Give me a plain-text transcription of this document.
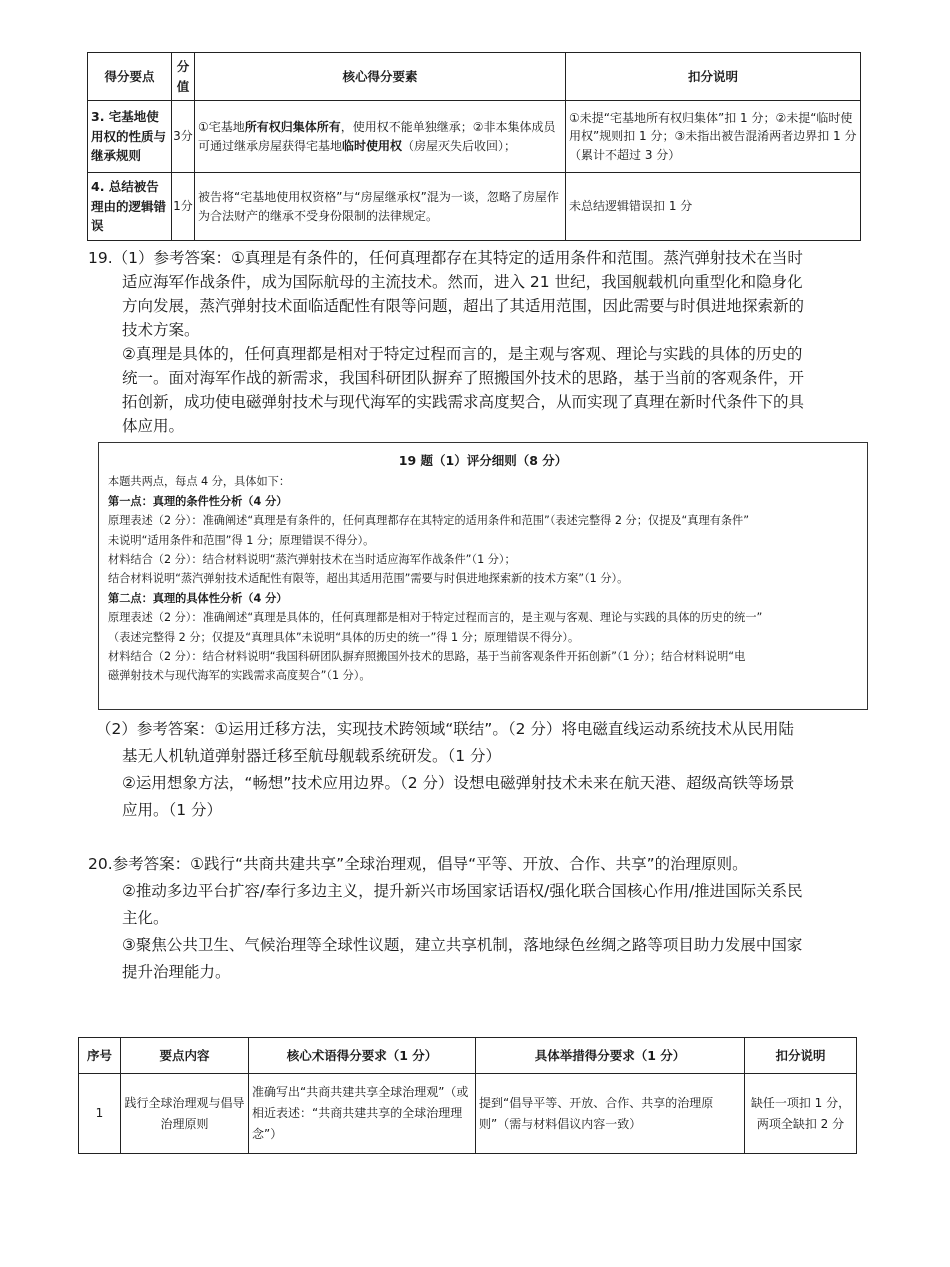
得分要点	分值	核心得分要素	扣分说明
3. 宅基地使用权的性质与继承规则	3分	①宅基地所有权归集体所有，使用权不能单独继承；②非本集体成员可通过继承房屋获得宅基地临时使用权（房屋灭失后收回）；	①未提“宅基地所有权归集体”扣 1 分；②未提“临时使用权”规则扣 1 分；③未指出被告混淆两者边界扣 1 分（累计不超过 3 分）
4. 总结被告理由的逻辑错误	1分	被告将“宅基地使用权资格”与“房屋继承权”混为一谈，忽略了房屋作为合法财产的继承不受身份限制的法律规定。	未总结逻辑错误扣 1 分
19.（1）参考答案：①真理是有条件的，任何真理都存在其特定的适用条件和范围。蒸汽弹射技术在当时
适应海军作战条件，成为国际航母的主流技术。然而，进入 21 世纪，我国舰载机向重型化和隐身化
方向发展，蒸汽弹射技术面临适配性有限等问题，超出了其适用范围，因此需要与时俱进地探索新的
技术方案。
②真理是具体的，任何真理都是相对于特定过程而言的，是主观与客观、理论与实践的具体的历史的
统一。面对海军作战的新需求，我国科研团队摒弃了照搬国外技术的思路，基于当前的客观条件，开
拓创新，成功使电磁弹射技术与现代海军的实践需求高度契合，从而实现了真理在新时代条件下的具
体应用。
19 题（1）评分细则（8 分）
本题共两点，每点 4 分，具体如下：
第一点：真理的条件性分析（4 分）
原理表述（2 分）：准确阐述“真理是有条件的，任何真理都存在其特定的适用条件和范围”（表述完整得 2 分；仅提及“真理有条件”
未说明“适用条件和范围”得 1 分；原理错误不得分）。
材料结合（2 分）：结合材料说明“蒸汽弹射技术在当时适应海军作战条件”（1 分）；
结合材料说明“蒸汽弹射技术适配性有限等，超出其适用范围”需要与时俱进地探索新的技术方案”（1 分）。
第二点：真理的具体性分析（4 分）
原理表述（2 分）：准确阐述“真理是具体的，任何真理都是相对于特定过程而言的，是主观与客观、理论与实践的具体的历史的统一”
（表述完整得 2 分；仅提及“真理具体”未说明“具体的历史的统一”得 1 分；原理错误不得分）。
材料结合（2 分）：结合材料说明“我国科研团队摒弃照搬国外技术的思路，基于当前客观条件开拓创新”（1 分）；结合材料说明“电
磁弹射技术与现代海军的实践需求高度契合”（1 分）。
（2）参考答案：①运用迁移方法，实现技术跨领域“联结”。（2 分）将电磁直线运动系统技术从民用陆
基无人机轨道弹射器迁移至航母舰载系统研发。（1 分）
②运用想象方法，“畅想”技术应用边界。（2 分）设想电磁弹射技术未来在航天港、超级高铁等场景
应用。（1 分）
20.参考答案：①践行“共商共建共享”全球治理观，倡导“平等、开放、合作、共享”的治理原则。
②推动多边平台扩容/奉行多边主义，提升新兴市场国家话语权/强化联合国核心作用/推进国际关系民
主化。
③聚焦公共卫生、气候治理等全球性议题，建立共享机制，落地绿色丝绸之路等项目助力发展中国家
提升治理能力。
序号	要点内容	核心术语得分要求（1 分）	具体举措得分要求（1 分）	扣分说明
1	践行全球治理观与倡导治理原则	准确写出“共商共建共享全球治理观”（或相近表述：“共商共建共享的全球治理理念”）	提到“倡导平等、开放、合作、共享的治理原则”（需与材料倡议内容一致）	缺任一项扣 1 分，两项全缺扣 2 分
